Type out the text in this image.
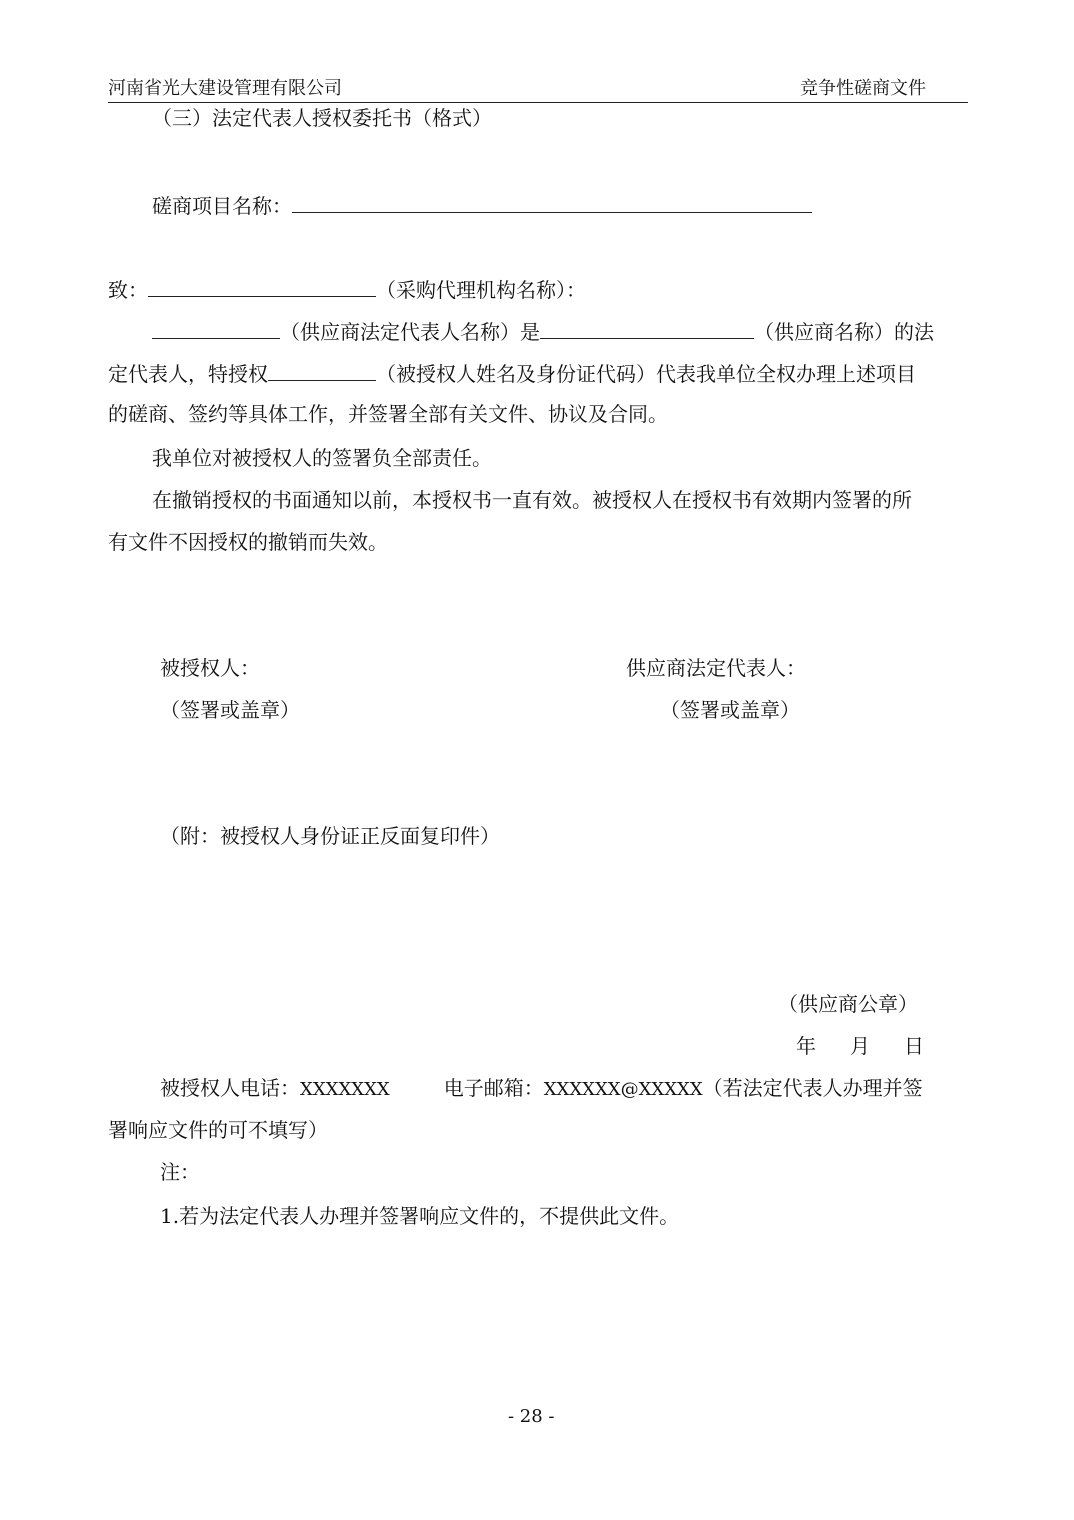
河南省光大建设管理有限公司	竞争性磋商文件
（三）法定代表人授权委托书（格式）
磋商项目名称：
致：	（采购代理机构名称）：
（供应商法定代表人名称）是	（供应商名称）的法
定代表人，特授权	（被授权人姓名及身份证代码）代表我单位全权办理上述项目
的磋商、签约等具体工作，并签署全部有关文件、协议及合同。
我单位对被授权人的签署负全部责任。
在撤销授权的书面通知以前，本授权书一直有效。被授权人在授权书有效期内签署的所
有文件不因授权的撤销而失效。
被授权人：	供应商法定代表人：
（签署或盖章）	（签署或盖章）
（附：被授权人身份证正反面复印件）
（供应商公章）
年 月 日
被授权人电话：XXXXXXX	电子邮箱：XXXXXX@XXXXX（若法定代表人办理并签
署响应文件的可不填写）
注：
1.若为法定代表人办理并签署响应文件的，不提供此文件。
- 28 -
